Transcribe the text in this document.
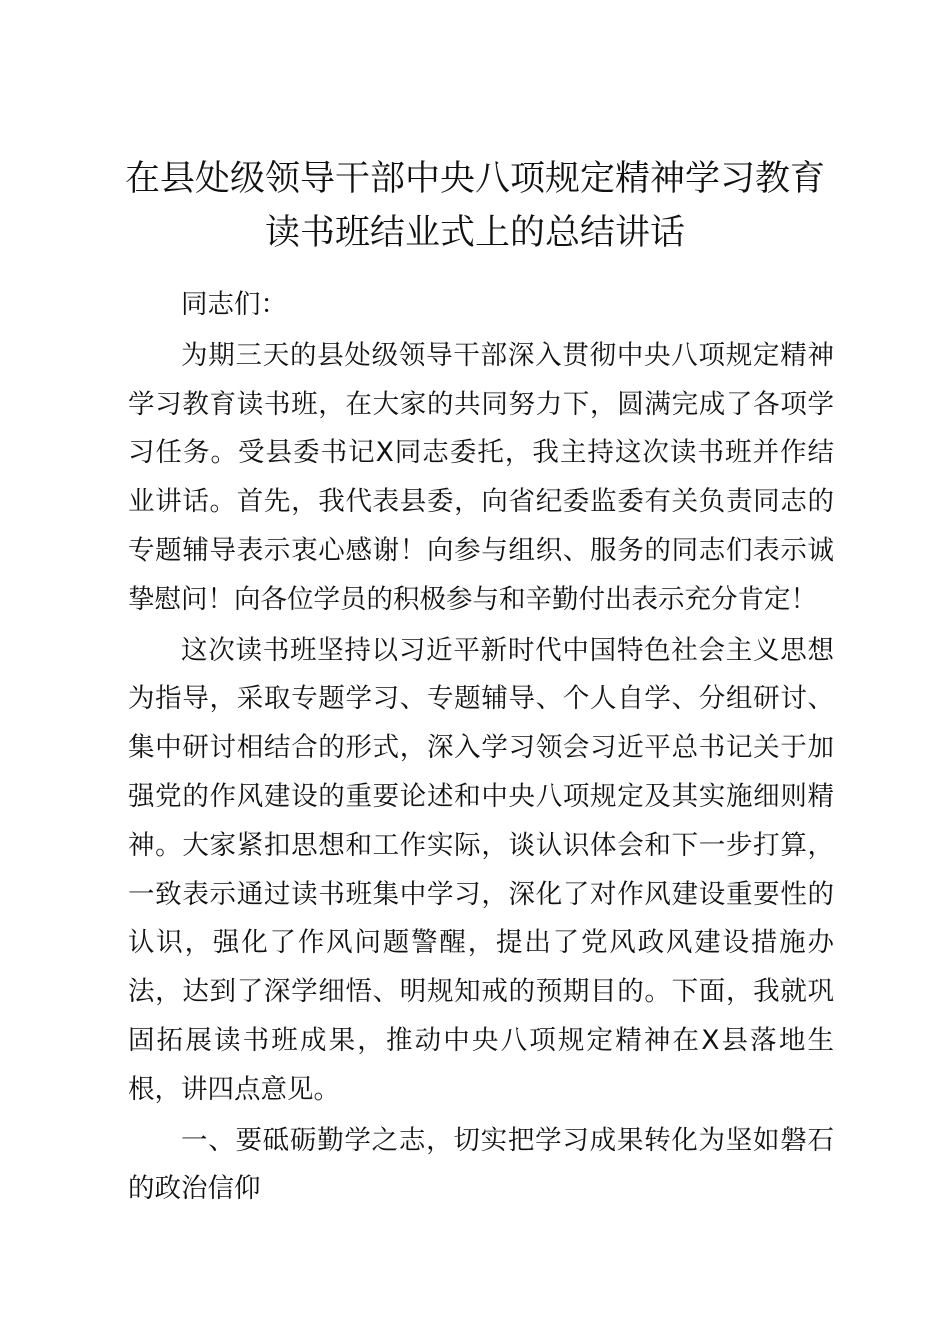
在县处级领导干部中央八项规定精神学习教育
读书班结业式上的总结讲话

同志们：

为期三天的县处级领导干部深入贯彻中央八项规定精神学习教育读书班，在大家的共同努力下，圆满完成了各项学习任务。受县委书记X同志委托，我主持这次读书班并作结业讲话。首先，我代表县委，向省纪委监委有关负责同志的专题辅导表示衷心感谢！向参与组织、服务的同志们表示诚挚慰问！向各位学员的积极参与和辛勤付出表示充分肯定！

这次读书班坚持以习近平新时代中国特色社会主义思想为指导，采取专题学习、专题辅导、个人自学、分组研讨、集中研讨相结合的形式，深入学习领会习近平总书记关于加强党的作风建设的重要论述和中央八项规定及其实施细则精神。大家紧扣思想和工作实际，谈认识体会和下一步打算，一致表示通过读书班集中学习，深化了对作风建设重要性的认识，强化了作风问题警醒，提出了党风政风建设措施办法，达到了深学细悟、明规知戒的预期目的。下面，我就巩固拓展读书班成果，推动中央八项规定精神在X县落地生根，讲四点意见。

一、要砥砺勤学之志，切实把学习成果转化为坚如磐石的政治信仰
